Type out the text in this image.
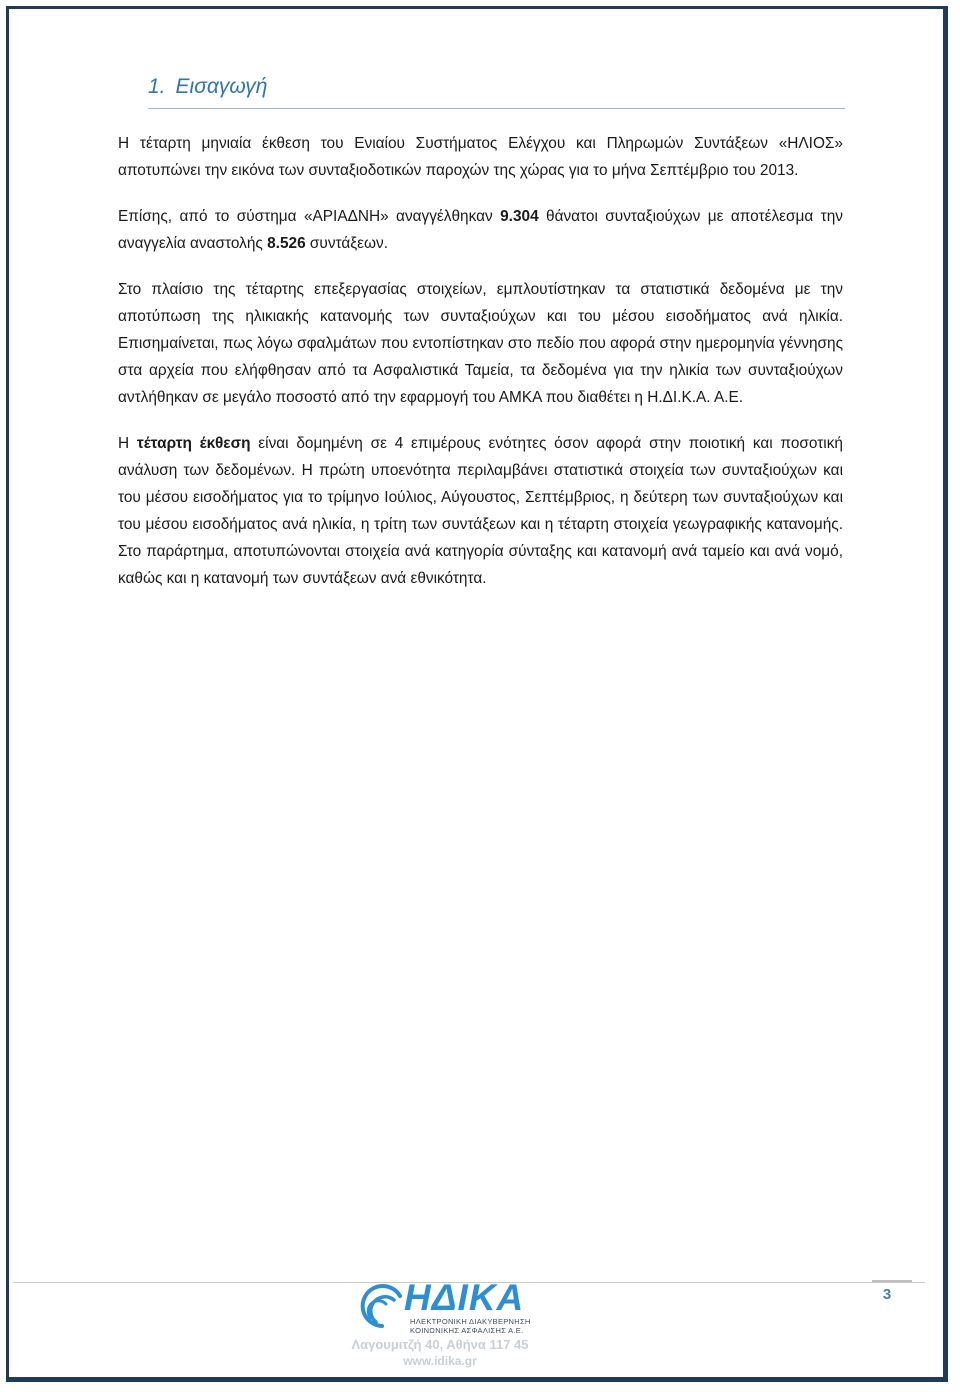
1. Εισαγωγή

Η τέταρτη μηνιαία έκθεση του Ενιαίου Συστήματος Ελέγχου και Πληρωμών Συντάξεων «ΗΛΙΟΣ» αποτυπώνει την εικόνα των συνταξιοδοτικών παροχών της χώρας για το μήνα Σεπτέμβριο του 2013.

Επίσης, από το σύστημα «ΑΡΙΑΔΝΗ» αναγγέλθηκαν 9.304 θάνατοι συνταξιούχων με αποτέλεσμα την αναγγελία αναστολής 8.526 συντάξεων.

Στο πλαίσιο της τέταρτης επεξεργασίας στοιχείων, εμπλουτίστηκαν τα στατιστικά δεδομένα με την αποτύπωση της ηλικιακής κατανομής των συνταξιούχων και του μέσου εισοδήματος ανά ηλικία. Επισημαίνεται, πως λόγω σφαλμάτων που εντοπίστηκαν στο πεδίο που αφορά στην ημερομηνία γέννησης στα αρχεία που ελήφθησαν από τα Ασφαλιστικά Ταμεία, τα δεδομένα για την ηλικία των συνταξιούχων αντλήθηκαν σε μεγάλο ποσοστό από την εφαρμογή του ΑΜΚΑ που διαθέτει η Η.ΔΙ.Κ.Α. Α.Ε.

Η τέταρτη έκθεση είναι δομημένη σε 4 επιμέρους ενότητες όσον αφορά στην ποιοτική και ποσοτική ανάλυση των δεδομένων. Η πρώτη υποενότητα περιλαμβάνει στατιστικά στοιχεία των συνταξιούχων και του μέσου εισοδήματος για το τρίμηνο Ιούλιος, Αύγουστος, Σεπτέμβριος, η δεύτερη των συνταξιούχων και του μέσου εισοδήματος ανά ηλικία, η τρίτη των συντάξεων και η τέταρτη στοιχεία γεωγραφικής κατανομής. Στο παράρτημα, αποτυπώνονται στοιχεία ανά κατηγορία σύνταξης και κατανομή ανά ταμείο και ανά νομό, καθώς και η κατανομή των συντάξεων ανά εθνικότητα.

3
ΗΔΙΚΑ
ΗΛΕΚΤΡΟΝΙΚΗ ΔΙΑΚΥΒΕΡΝΗΣΗ
ΚΟΙΝΩΝΙΚΗΣ ΑΣΦΑΛΙΣΗΣ Α.Ε.
Λαγουμιτζή 40, Αθήνα 117 45
www.idika.gr
